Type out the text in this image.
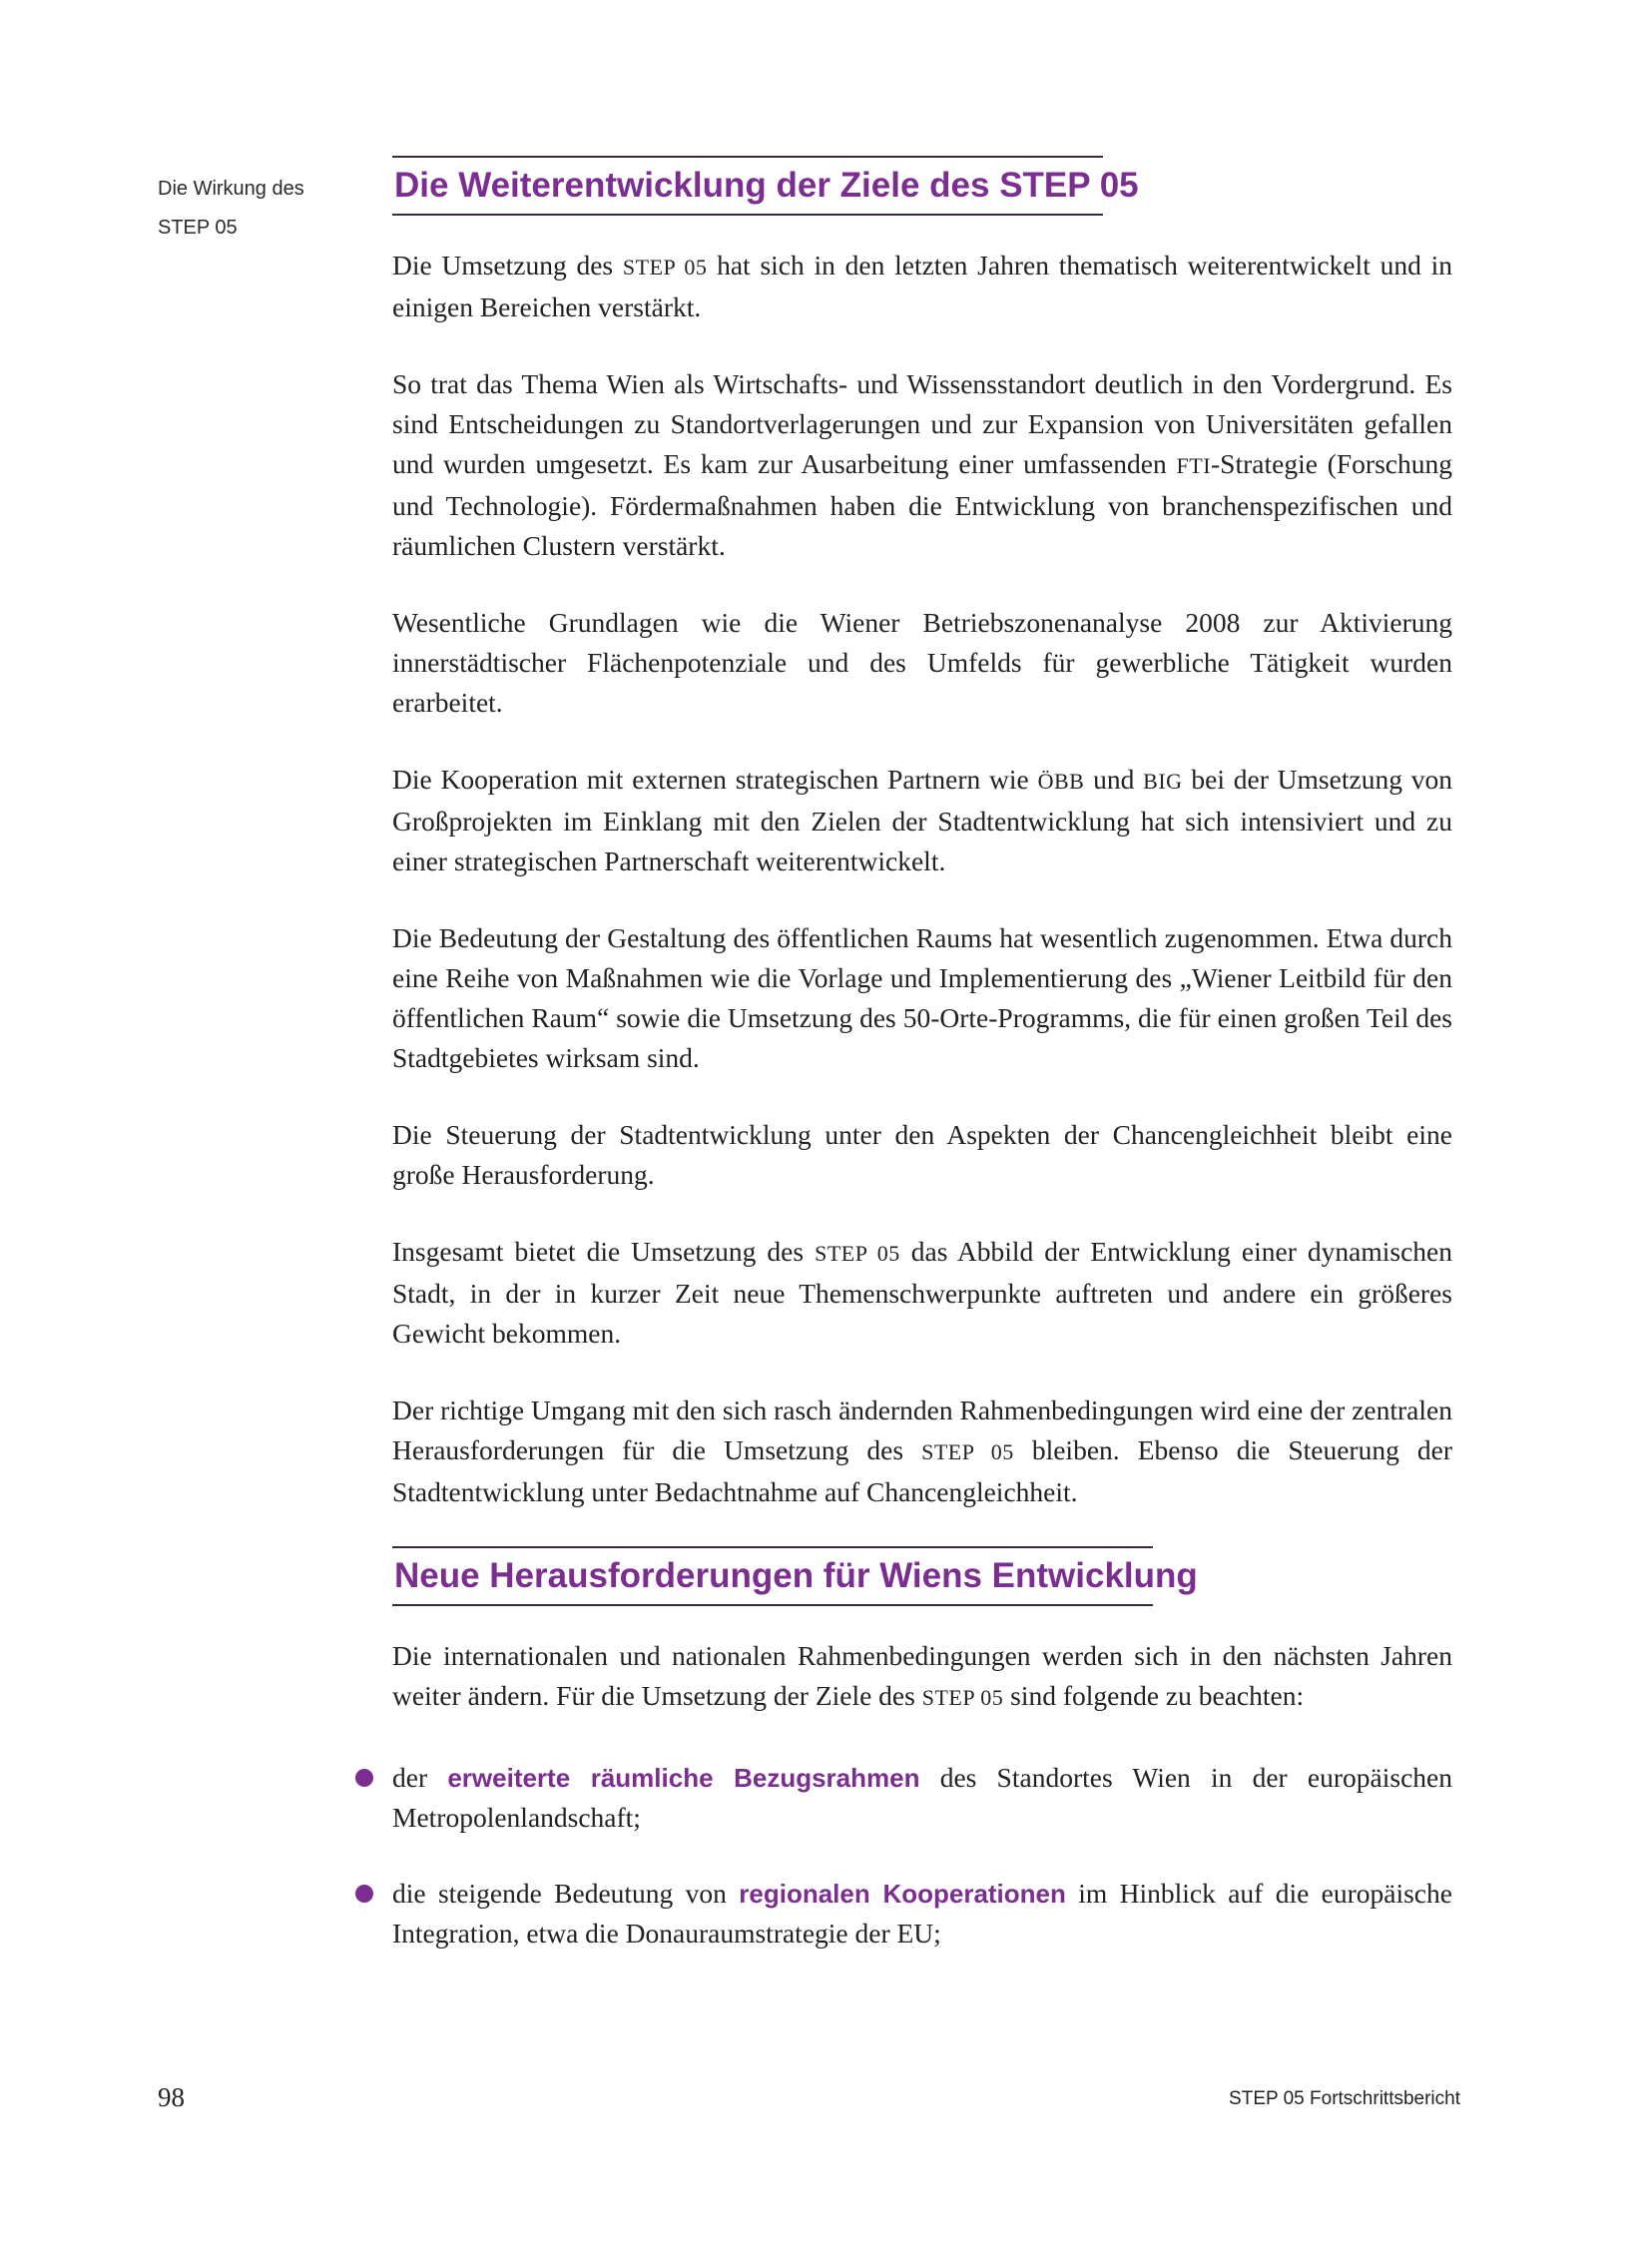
Die Wirkung des
STEP 05
Die Weiterentwicklung der Ziele des STEP 05

Die Umsetzung des STEP 05 hat sich in den letzten Jahren thematisch weiterentwickelt und in einigen Bereichen verstärkt.

So trat das Thema Wien als Wirtschafts- und Wissensstandort deutlich in den Vordergrund. Es sind Entscheidungen zu Standortverlagerungen und zur Expansion von Universitäten gefallen und wurden umgesetzt. Es kam zur Ausarbeitung einer umfassenden FTI-Strategie (Forschung und Technologie). Fördermaßnahmen haben die Entwicklung von branchenspezifischen und räumlichen Clustern verstärkt.

Wesentliche Grundlagen wie die Wiener Betriebszonenanalyse 2008 zur Aktivierung innerstädtischer Flächenpotenziale und des Umfelds für gewerbliche Tätigkeit wurden erarbeitet.

Die Kooperation mit externen strategischen Partnern wie ÖBB und BIG bei der Umsetzung von Großprojekten im Einklang mit den Zielen der Stadtentwicklung hat sich intensiviert und zu einer strategischen Partnerschaft weiterentwickelt.

Die Bedeutung der Gestaltung des öffentlichen Raums hat wesentlich zugenommen. Etwa durch eine Reihe von Maßnahmen wie die Vorlage und Implementierung des „Wiener Leitbild für den öffentlichen Raum“ sowie die Umsetzung des 50-Orte-Programms, die für einen großen Teil des Stadtgebietes wirksam sind.

Die Steuerung der Stadtentwicklung unter den Aspekten der Chancengleichheit bleibt eine große Herausforderung.

Insgesamt bietet die Umsetzung des STEP 05 das Abbild der Entwicklung einer dynamischen Stadt, in der in kurzer Zeit neue Themenschwerpunkte auftreten und andere ein größeres Gewicht bekommen.

Der richtige Umgang mit den sich rasch ändernden Rahmenbedingungen wird eine der zentralen Herausforderungen für die Umsetzung des STEP 05 bleiben. Ebenso die Steuerung der Stadtentwicklung unter Bedachtnahme auf Chancengleichheit.

Neue Herausforderungen für Wiens Entwicklung

Die internationalen und nationalen Rahmenbedingungen werden sich in den nächsten Jahren weiter ändern. Für die Umsetzung der Ziele des STEP 05 sind folgende zu beachten:

der erweiterte räumliche Bezugsrahmen des Standortes Wien in der europäischen Metropolenlandschaft;

die steigende Bedeutung von regionalen Kooperationen im Hinblick auf die europäische Integration, etwa die Donauraumstrategie der EU;

98	STEP 05 Fortschrittsbericht
